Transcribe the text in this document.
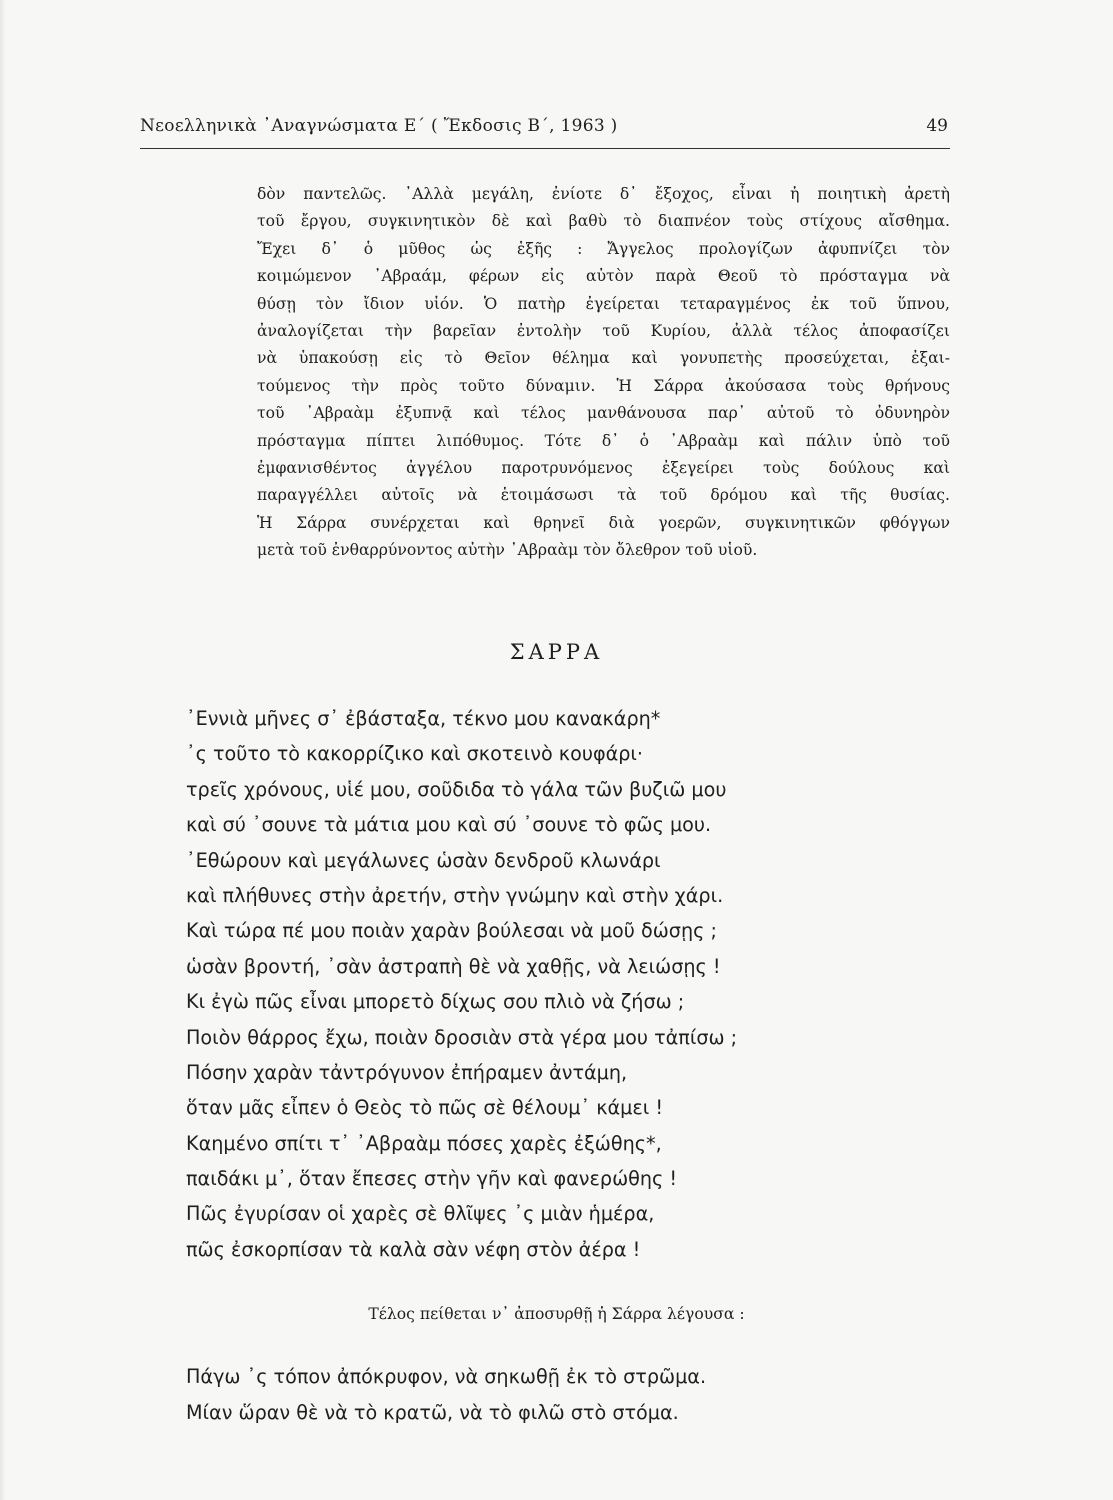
Νεοελληνικὰ ᾿Αναγνώσματα Ε΄ ( Ἔκδοσις Β΄, 1963 )	49
δὸν παντελῶς. ᾿Αλλὰ μεγάλη, ἐνίοτε δ᾿ ἔξοχος, εἶναι ἡ ποιητικὴ ἀρετὴ
τοῦ ἔργου, συγκινητικὸν δὲ καὶ βαθὺ τὸ διαπνέον τοὺς στίχους αἴσθημα.
Ἔχει δ᾿ ὁ μῦθος ὡς ἑξῆς : Ἄγγελος προλογίζων ἀφυπνίζει τὸν
κοιμώμενον ᾿Αβραάμ, φέρων εἰς αὐτὸν παρὰ Θεοῦ τὸ πρόσταγμα νὰ
θύσῃ τὸν ἴδιον υἱόν. Ὁ πατὴρ ἐγείρεται τεταραγμένος ἐκ τοῦ ὕπνου,
ἀναλογίζεται τὴν βαρεῖαν ἐντολὴν τοῦ Κυρίου, ἀλλὰ τέλος ἀποφασίζει
νὰ ὑπακούσῃ εἰς τὸ Θεῖον θέλημα καὶ γονυπετὴς προσεύχεται, ἐξαι-
τούμενος τὴν πρὸς τοῦτο δύναμιν. Ἡ Σάρρα ἀκούσασα τοὺς θρήνους
τοῦ ᾿Αβραὰμ ἐξυπνᾷ καὶ τέλος μανθάνουσα παρ᾿ αὐτοῦ τὸ ὀδυνηρὸν
πρόσταγμα πίπτει λιπόθυμος. Τότε δ᾿ ὁ ᾿Αβραὰμ καὶ πάλιν ὑπὸ τοῦ
ἐμφανισθέντος ἀγγέλου παροτρυνόμενος ἐξεγείρει τοὺς δούλους καὶ
παραγγέλλει αὐτοῖς νὰ ἑτοιμάσωσι τὰ τοῦ δρόμου καὶ τῆς θυσίας.
Ἡ Σάρρα συνέρχεται καὶ θρηνεῖ διὰ γοερῶν, συγκινητικῶν φθόγγων
μετὰ τοῦ ἐνθαρρύνοντος αὐτὴν ᾿Αβραὰμ τὸν ὄλεθρον τοῦ υἱοῦ.
ΣΑΡΡΑ
᾿Εννιὰ μῆνες σ᾿ ἐβάσταξα, τέκνο μου κανακάρη*
᾿ς τοῦτο τὸ κακορρίζικο καὶ σκοτεινὸ κουφάρι·
τρεῖς χρόνους, υἱέ μου, σοῦδιδα τὸ γάλα τῶν βυζιῶ μου
καὶ σύ ᾿σουνε τὰ μάτια μου καὶ σύ ᾿σουνε τὸ φῶς μου.
᾿Εθώρουν καὶ μεγάλωνες ὡσὰν δενδροῦ κλωνάρι
καὶ πλήθυνες στὴν ἀρετήν, στὴν γνώμην καὶ στὴν χάρι.
Καὶ τώρα πέ μου ποιὰν χαρὰν βούλεσαι νὰ μοῦ δώσῃς ;
ὡσὰν βροντή, ᾿σὰν ἀστραπὴ θὲ νὰ χαθῇς, νὰ λειώσῃς !
Κι ἐγὼ πῶς εἶναι μπορετὸ δίχως σου πλιὸ νὰ ζήσω ;
Ποιὸν θάρρος ἔχω, ποιὰν δροσιὰν στὰ γέρα μου τἀπίσω ;
Πόσην χαρὰν τἀντρόγυνον ἐπήραμεν ἀντάμη,
ὅταν μᾶς εἶπεν ὁ Θεὸς τὸ πῶς σὲ θέλουμ᾿ κάμει !
Καημένο σπίτι τ᾿ ᾿Αβραὰμ πόσες χαρὲς ἐξώθης*,
παιδάκι μ᾿, ὅταν ἔπεσες στὴν γῆν καὶ φανερώθης !
Πῶς ἐγυρίσαν οἱ χαρὲς σὲ θλῖψες ᾿ς μιὰν ἡμέρα,
πῶς ἐσκορπίσαν τὰ καλὰ σὰν νέφη στὸν ἀέρα !
Τέλος πείθεται ν᾿ ἀποσυρθῇ ἡ Σάρρα λέγουσα :
Πάγω ᾿ς τόπον ἀπόκρυφον, νὰ σηκωθῇ ἐκ τὸ στρῶμα.
Μίαν ὥραν θὲ νὰ τὸ κρατῶ, νὰ τὸ φιλῶ στὸ στόμα.
